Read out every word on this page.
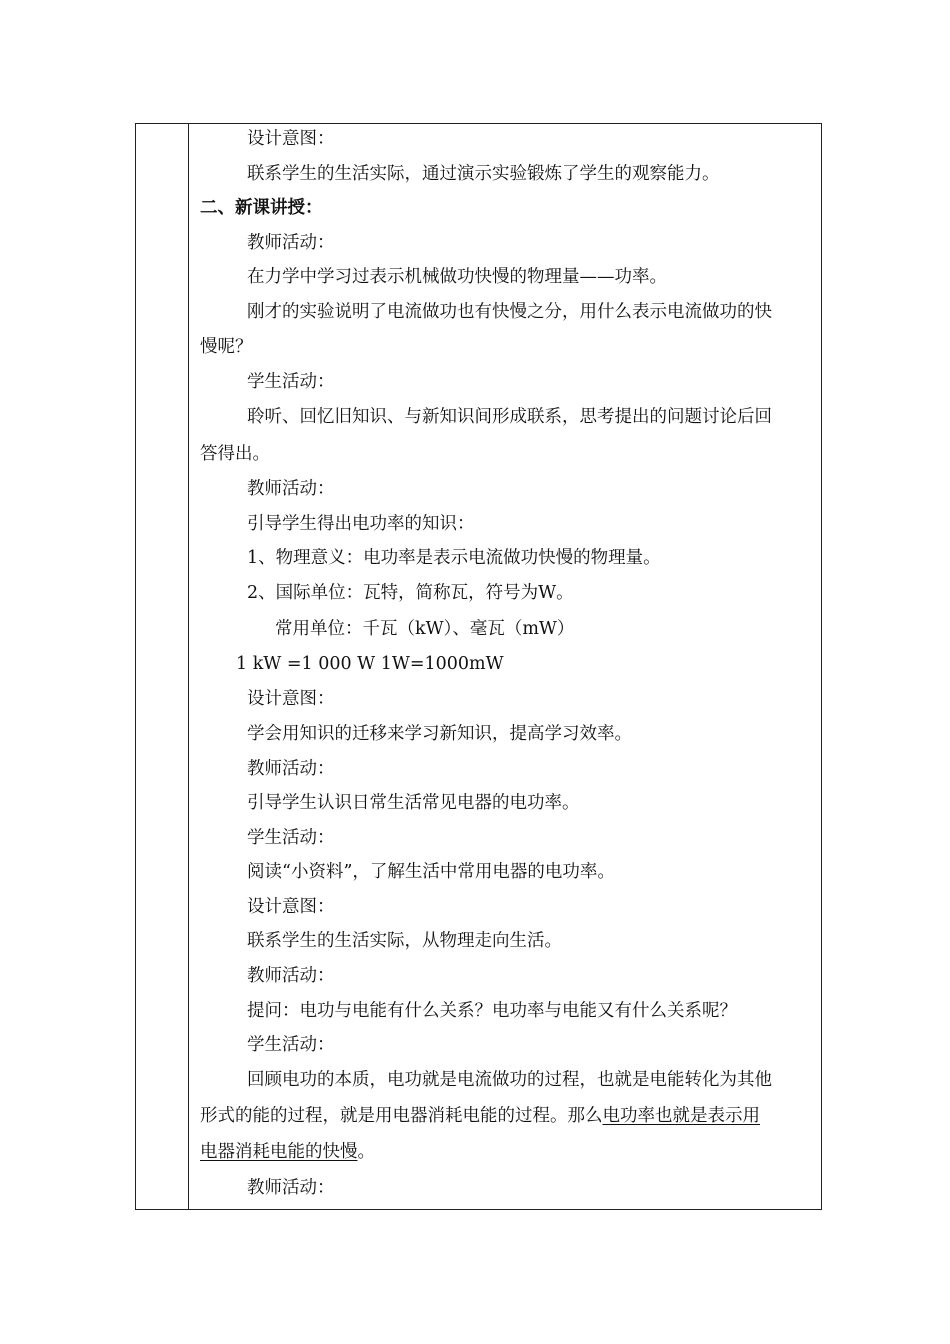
设计意图：
联系学生的生活实际，通过演示实验锻炼了学生的观察能力。
二、新课讲授：
教师活动：
在力学中学习过表示机械做功快慢的物理量——功率。
刚才的实验说明了电流做功也有快慢之分，用什么表示电流做功的快
慢呢？
学生活动：
聆听、回忆旧知识、与新知识间形成联系，思考提出的问题讨论后回
答得出。
教师活动：
引导学生得出电功率的知识：
1、物理意义：电功率是表示电流做功快慢的物理量。
2、国际单位：瓦特，简称瓦，符号为W。
常用单位：千瓦（kW）、毫瓦（mW）
1 kW =1 000 W 1W=1000mW
设计意图：
学会用知识的迁移来学习新知识，提高学习效率。
教师活动：
引导学生认识日常生活常见电器的电功率。
学生活动：
阅读“小资料”，了解生活中常用电器的电功率。
设计意图：
联系学生的生活实际，从物理走向生活。
教师活动：
提问：电功与电能有什么关系？电功率与电能又有什么关系呢？
学生活动：
回顾电功的本质，电功就是电流做功的过程，也就是电能转化为其他
形式的能的过程，就是用电器消耗电能的过程。那么电功率也就是表示用
电器消耗电能的快慢。
教师活动：
